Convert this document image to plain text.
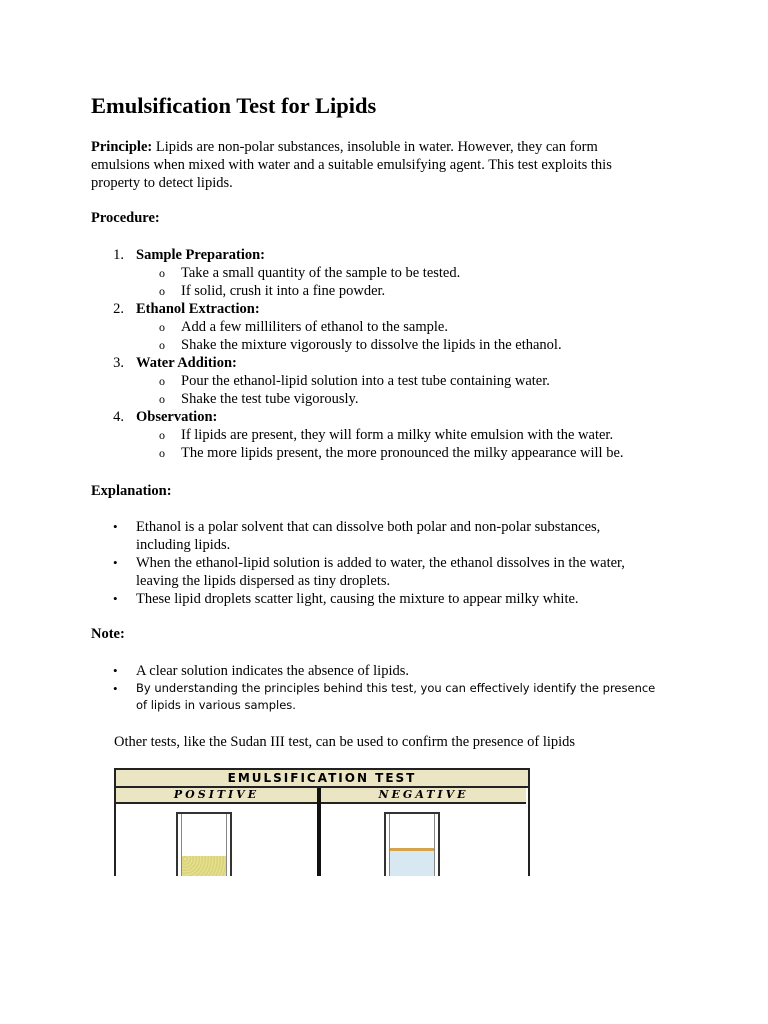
Emulsification Test for Lipids

Principle: Lipids are non-polar substances, insoluble in water. However, they can form emulsions when mixed with water and a suitable emulsifying agent. This test exploits this property to detect lipids.

Procedure:
1. Sample Preparation:
o Take a small quantity of the sample to be tested.
o If solid, crush it into a fine powder.
2. Ethanol Extraction:
o Add a few milliliters of ethanol to the sample.
o Shake the mixture vigorously to dissolve the lipids in the ethanol.
3. Water Addition:
o Pour the ethanol-lipid solution into a test tube containing water.
o Shake the test tube vigorously.
4. Observation:
o If lipids are present, they will form a milky white emulsion with the water.
o The more lipids present, the more pronounced the milky appearance will be.
Explanation:
• Ethanol is a polar solvent that can dissolve both polar and non-polar substances, including lipids.
• When the ethanol-lipid solution is added to water, the ethanol dissolves in the water, leaving the lipids dispersed as tiny droplets.
• These lipid droplets scatter light, causing the mixture to appear milky white.
Note:
• A clear solution indicates the absence of lipids.
• By understanding the principles behind this test, you can effectively identify the presence of lipids in various samples.

Other tests, like the Sudan III test, can be used to confirm the presence of lipids

EMULSIFICATION TEST
POSITIVE	NEGATIVE
